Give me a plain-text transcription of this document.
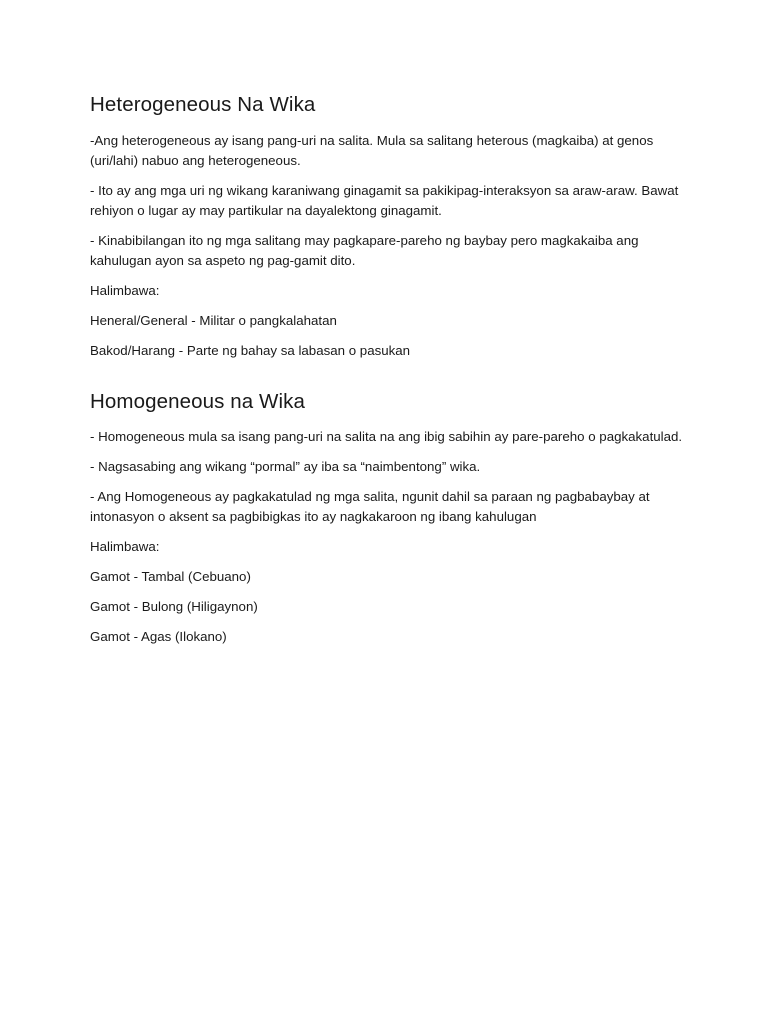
Heterogeneous Na Wika

-Ang heterogeneous ay isang pang-uri na salita. Mula sa salitang heterous (magkaiba) at genos (uri/lahi) nabuo ang heterogeneous.

- Ito ay ang mga uri ng wikang karaniwang ginagamit sa pakikipag-interaksyon sa araw-araw. Bawat rehiyon o lugar ay may partikular na dayalektong ginagamit.

- Kinabibilangan ito ng mga salitang may pagkapare-pareho ng baybay pero magkakaiba ang kahulugan ayon sa aspeto ng pag-gamit dito.

Halimbawa:

Heneral/General - Militar o pangkalahatan

Bakod/Harang - Parte ng bahay sa labasan o pasukan

Homogeneous na Wika

- Homogeneous mula sa isang pang-uri na salita na ang ibig sabihin ay pare-pareho o pagkakatulad.

- Nagsasabing ang wikang “pormal” ay iba sa “naimbentong” wika.

- Ang Homogeneous ay pagkakatulad ng mga salita, ngunit dahil sa paraan ng pagbabaybay at intonasyon o aksent sa pagbibigkas ito ay nagkakaroon ng ibang kahulugan

Halimbawa:

Gamot - Tambal (Cebuano)

Gamot - Bulong (Hiligaynon)

Gamot - Agas (Ilokano)
